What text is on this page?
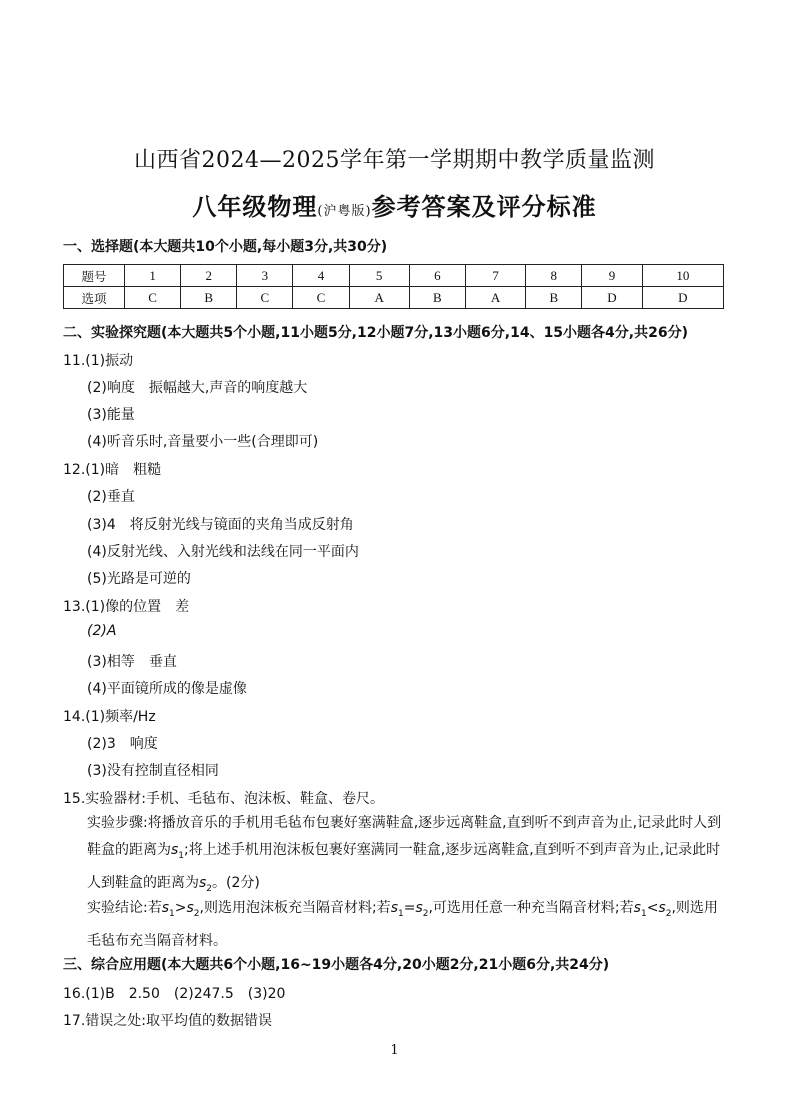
山西省2024—2025学年第一学期期中教学质量监测
八年级物理(沪粤版)参考答案及评分标准
一、选择题(本大题共10个小题,每小题3分,共30分)
题号	1	2	3	4	5	6	7	8	9	10
选项	C	B	C	C	A	B	A	B	D	D
二、实验探究题(本大题共5个小题,11小题5分,12小题7分,13小题6分,14、15小题各4分,共26分)
11.(1)振动
(2)响度　振幅越大,声音的响度越大
(3)能量
(4)听音乐时,音量要小一些(合理即可)
12.(1)暗　粗糙
(2)垂直
(3)4　将反射光线与镜面的夹角当成反射角
(4)反射光线、入射光线和法线在同一平面内
(5)光路是可逆的
13.(1)像的位置　差
(2)A
(3)相等　垂直
(4)平面镜所成的像是虚像
14.(1)频率/Hz
(2)3　响度
(3)没有控制直径相同
15.实验器材:手机、毛毡布、泡沫板、鞋盒、卷尺。
实验步骤:将播放音乐的手机用毛毡布包裹好塞满鞋盒,逐步远离鞋盒,直到听不到声音为止,记录此时人到鞋盒的距离为$s_1$;将上述手机用泡沫板包裹好塞满同一鞋盒,逐步远离鞋盒,直到听不到声音为止,记录此时人到鞋盒的距离为$s_2$。(2分)
实验结论:若$s_1>s_2$,则选用泡沫板充当隔音材料;若$s_1=s_2$,可选用任意一种充当隔音材料;若$s_1<s_2$,则选用毛毡布充当隔音材料。
三、综合应用题(本大题共6个小题,16~19小题各4分,20小题2分,21小题6分,共24分)
16.(1)B　2.50　(2)247.5　(3)20
17.错误之处:取平均值的数据错误
1
